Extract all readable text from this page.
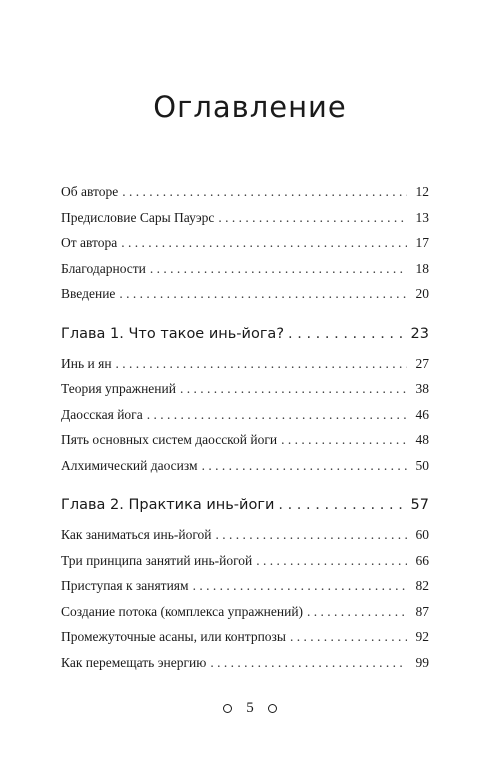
Оглавление
Об авторе . . .	12
Предисловие Сары Пауэрс . . .	13
От автора . . .	17
Благодарности . . .	18
Введение . . .	20
Глава 1. Что такое инь-йога? . . .	23
Инь и ян . . .	27
Теория упражнений . . .	38
Даосская йога . . .	46
Пять основных систем даосской йоги . . .	48
Алхимический даосизм . . .	50
Глава 2. Практика инь-йоги . . .	57
Как заниматься инь-йогой . . .	60
Три принципа занятий инь-йогой . . .	66
Приступая к занятиям . . .	82
Создание потока (комплекса упражнений) . . .	87
Промежуточные асаны, или контрпозы . . .	92
Как перемещать энергию . . .	99
5
